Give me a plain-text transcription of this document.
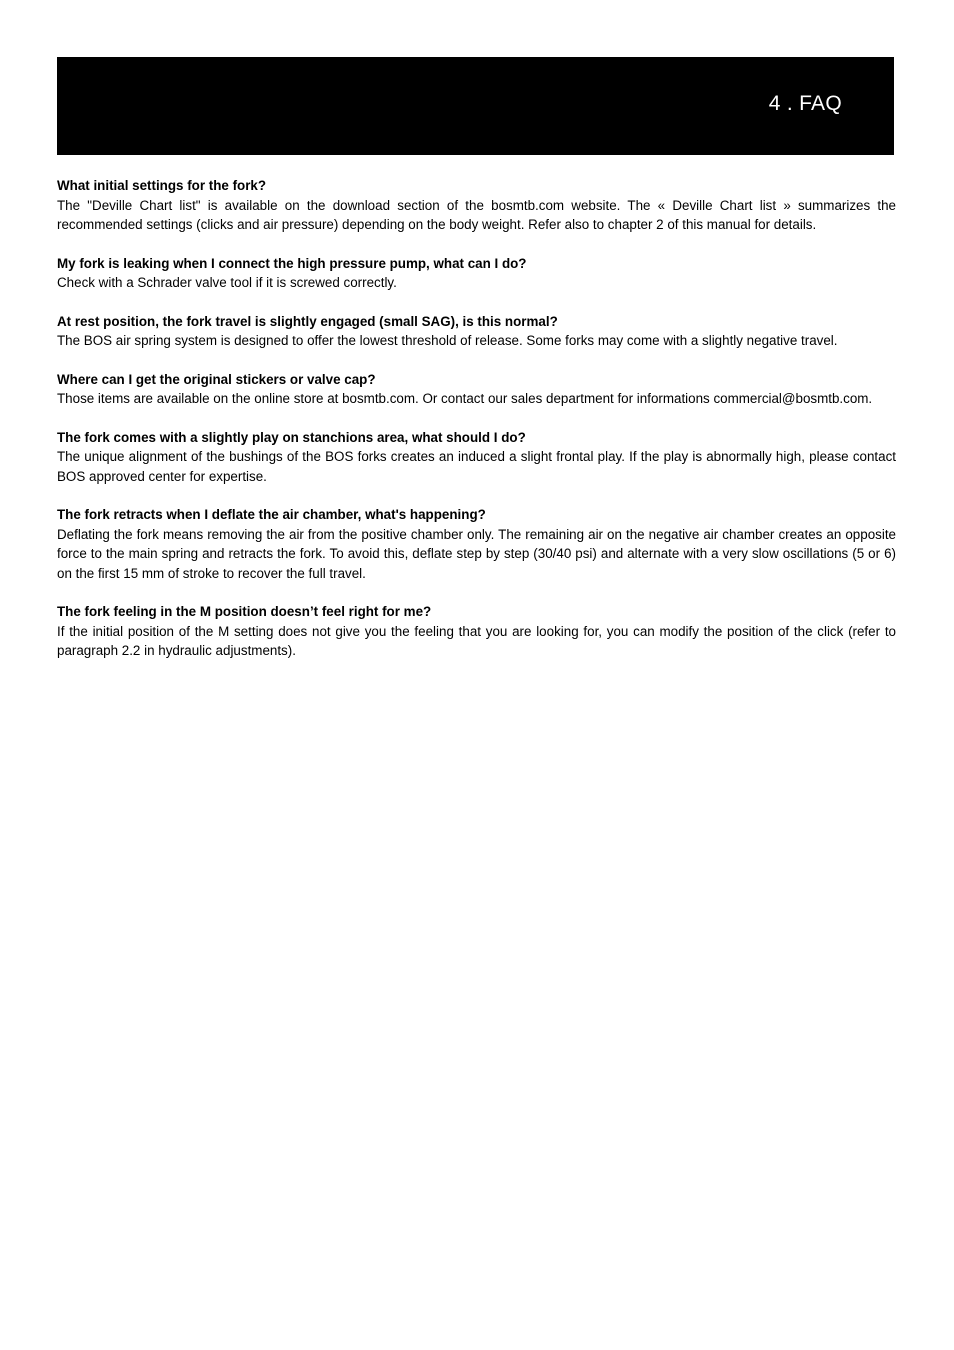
4 . FAQ

What initial settings for the fork?

The "Deville Chart list" is available on the download section of the bosmtb.com website. The « Deville Chart list » summarizes the recommended settings (clicks and air pressure) depending on the body weight. Refer also to chapter 2 of this manual for details.

My fork is leaking when I connect the high pressure pump, what can I do?

Check with a Schrader valve tool if it is screwed correctly.

At rest position, the fork travel is slightly engaged (small SAG), is this normal?

The BOS air spring system is designed to offer the lowest threshold of release. Some forks may come with a slightly negative travel.

Where can I get the original stickers or valve cap?

Those items are available on the online store at bosmtb.com. Or contact our sales department for informations commercial@bosmtb.com.

The fork comes with a slightly play on stanchions area, what should I do?

The unique alignment of the bushings of the BOS forks creates an induced a slight frontal play. If the play is abnormally high, please contact BOS approved center for expertise.

The fork retracts when I deflate the air chamber, what's happening?

Deflating the fork means removing the air from the positive chamber only. The remaining air on the negative air chamber creates an opposite force to the main spring and retracts the fork. To avoid this, deflate step by step (30/40 psi) and alternate with a very slow oscillations (5 or 6) on the first 15 mm of stroke to recover the full travel.

The fork feeling in the M position doesn’t feel right for me?

If the initial position of the M setting does not give you the feeling that you are looking for, you can modify the position of the click (refer to paragraph 2.2 in hydraulic adjustments).
